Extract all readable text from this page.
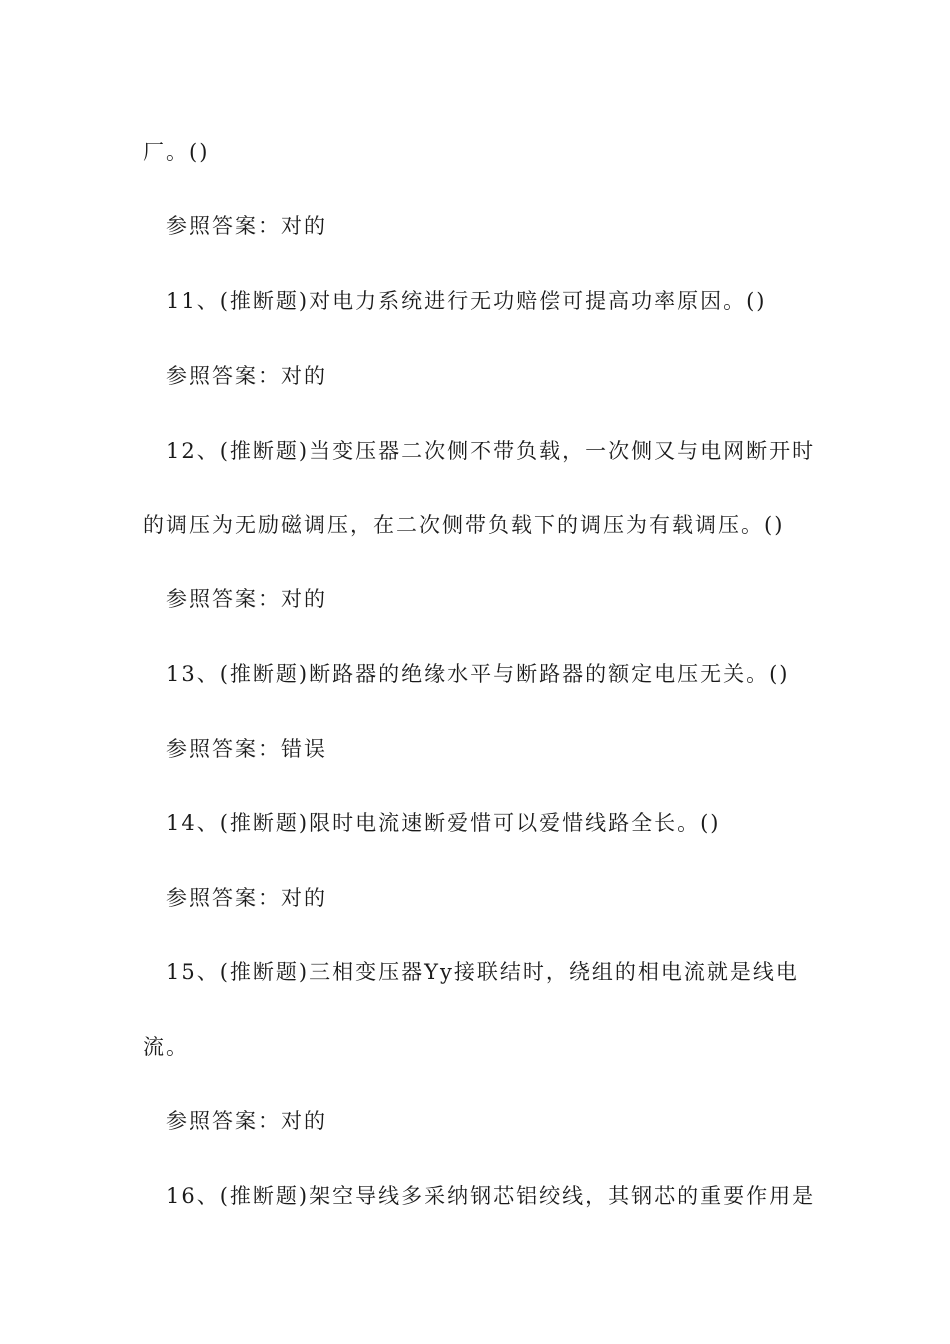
厂。()
参照答案：对的
11、(推断题)对电力系统进行无功赔偿可提高功率原因。()
参照答案：对的
12、(推断题)当变压器二次侧不带负载，一次侧又与电网断开时
的调压为无励磁调压，在二次侧带负载下的调压为有载调压。()
参照答案：对的
13、(推断题)断路器的绝缘水平与断路器的额定电压无关。()
参照答案：错误
14、(推断题)限时电流速断爱惜可以爱惜线路全长。()
参照答案：对的
15、(推断题)三相变压器Yy接联结时，绕组的相电流就是线电
流。
参照答案：对的
16、(推断题)架空导线多采纳钢芯铝绞线，其钢芯的重要作用是
